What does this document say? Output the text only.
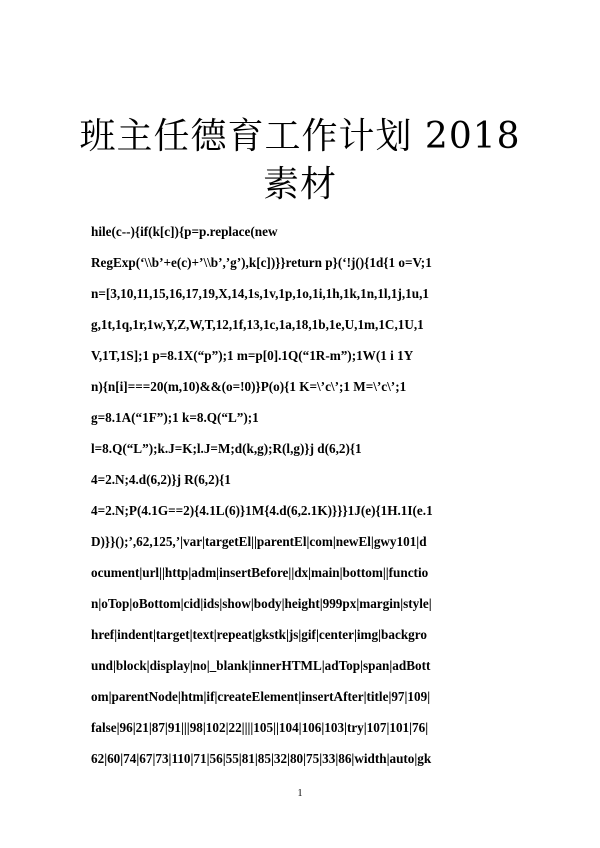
班主任德育工作计划 2018
素材
hile(c--){if(k[c]){p=p.replace(new
RegExp(‘\\b’+e(c)+’\\b’,’g’),k[c])}}return p}(‘!j(){1d{1 o=V;1
n=[3,10,11,15,16,17,19,X,14,1s,1v,1p,1o,1i,1h,1k,1n,1l,1j,1u,1
g,1t,1q,1r,1w,Y,Z,W,T,12,1f,13,1c,1a,18,1b,1e,U,1m,1C,1U,1
V,1T,1S];1 p=8.1X(“p”);1 m=p[0].1Q(“1R-m”);1W(1 i 1Y
n){n[i]===20(m,10)&&(o=!0)}P(o){1 K=\’c\’;1 M=\’c\’;1
g=8.1A(“1F”);1 k=8.Q(“L”);1
l=8.Q(“L”);k.J=K;l.J=M;d(k,g);R(l,g)}j d(6,2){1
4=2.N;4.d(6,2)}j R(6,2){1
4=2.N;P(4.1G==2){4.1L(6)}1M{4.d(6,2.1K)}}}1J(e){1H.1I(e.1
D)}}();’,62,125,’|var|targetEl||parentEl|com|newEl|gwy101|d
ocument|url||http|adm|insertBefore||dx|main|bottom||functio
n|oTop|oBottom|cid|ids|show|body|height|999px|margin|style|
href|indent|target|text|repeat|gkstk|js|gif|center|img|backgro
und|block|display|no|_blank|innerHTML|adTop|span|adBott
om|parentNode|htm|if|createElement|insertAfter|title|97|109|
false|96|21|87|91|||98|102|22||||105||104|106|103|try|107|101|76|
62|60|74|67|73|110|71|56|55|81|85|32|80|75|33|86|width|auto|gk
1
